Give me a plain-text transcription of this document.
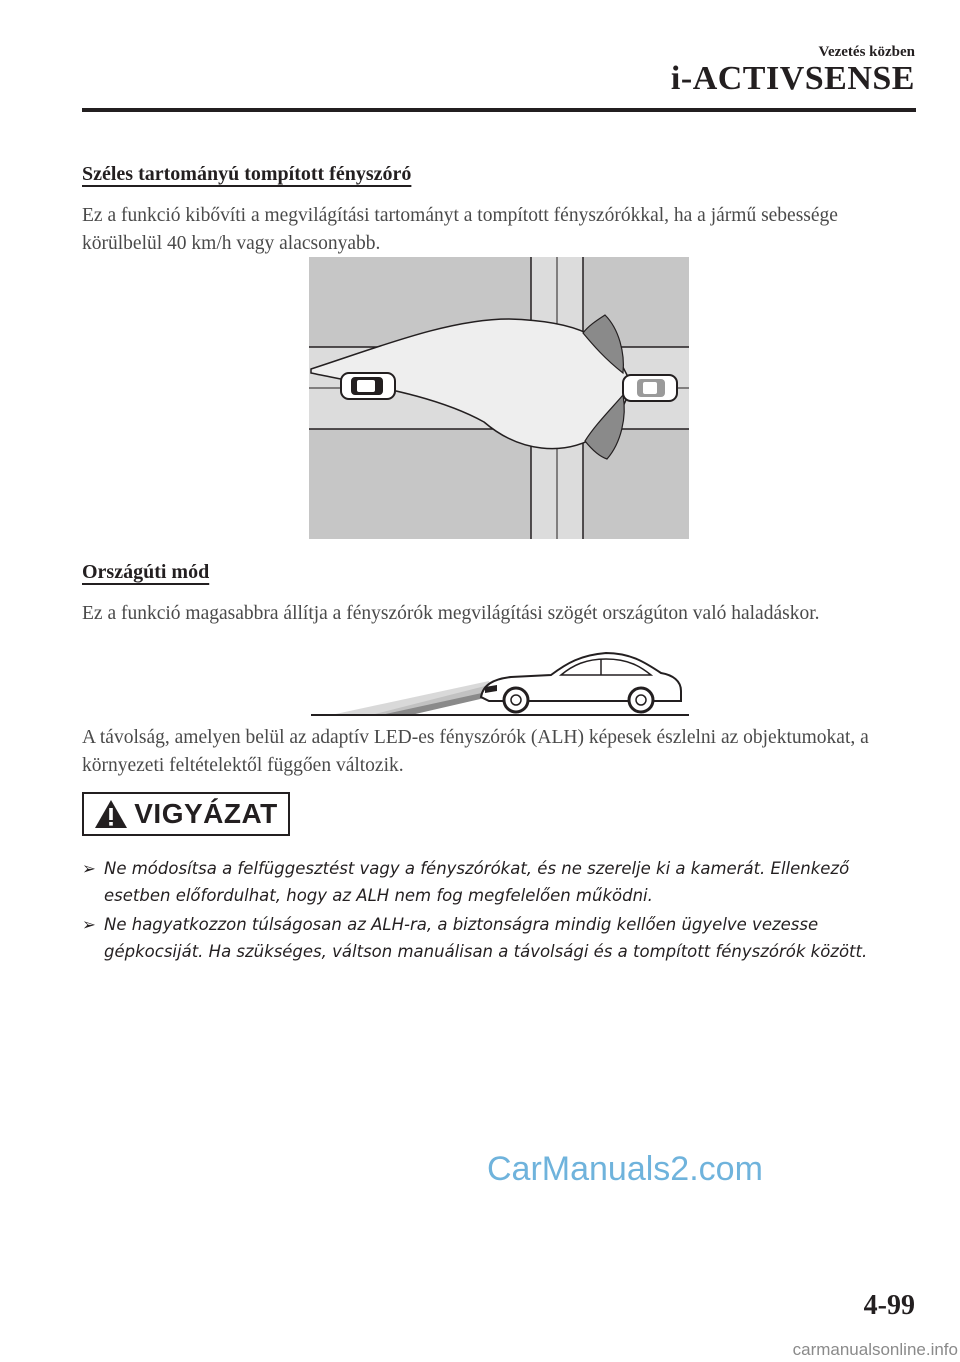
Vezetés közben
i-ACTIVSENSE
Széles tartományú tompított fényszóró
Ez a funkció kibővíti a megvilágítási tartományt a tompított fényszórókkal, ha a jármű sebessége körülbelül 40 km/h vagy alacsonyabb.
Országúti mód
Ez a funkció magasabbra állítja a fényszórók megvilágítási szögét országúton való haladáskor.
A távolság, amelyen belül az adaptív LED-es fényszórók (ALH) képesek észlelni az objektumokat, a környezeti feltételektől függően változik.
VIGYÁZAT
➢ Ne módosítsa a felfüggesztést vagy a fényszórókat, és ne szerelje ki a kamerát. Ellenkező esetben előfordulhat, hogy az ALH nem fog megfelelően működni.
➢ Ne hagyatkozzon túlságosan az ALH-ra, a biztonságra mindig kellően ügyelve vezesse gépkocsiját. Ha szükséges, váltson manuálisan a távolsági és a tompított fényszórók között.
CarManuals2.com
4-99
carmanualsonline.info
